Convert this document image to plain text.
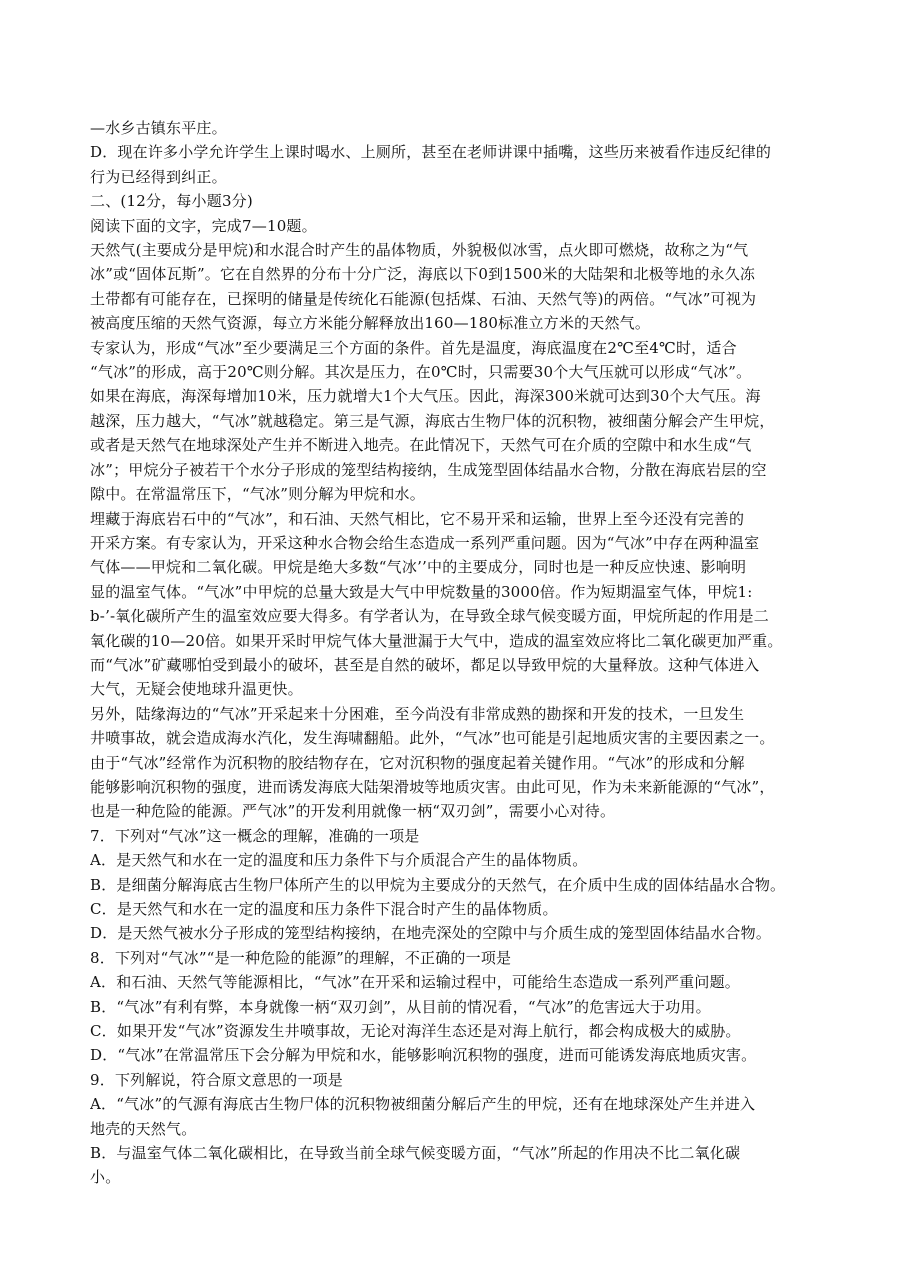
—水乡古镇东平庄。
D．现在许多小学允许学生上课时喝水、上厕所，甚至在老师讲课中插嘴，这些历来被看作违反纪律的
行为已经得到纠正。
二、(12分，每小题3分)
阅读下面的文字，完成7—10题。
天然气(主要成分是甲烷)和水混合时产生的晶体物质，外貌极似冰雪，点火即可燃烧，故称之为“气
冰”或“固体瓦斯”。它在自然界的分布十分广泛，海底以下0到1500米的大陆架和北极等地的永久冻
土带都有可能存在，已探明的储量是传统化石能源(包括煤、石油、天然气等)的两倍。“气冰”可视为
被高度压缩的天然气资源，每立方米能分解释放出160—180标准立方米的天然气。
专家认为，形成“气冰”至少要满足三个方面的条件。首先是温度，海底温度在2℃至4℃时，适合
“气冰”的形成，高于20℃则分解。其次是压力，在0℃时，只需要30个大气压就可以形成“气冰”。
如果在海底，海深每增加10米，压力就增大1个大气压。因此，海深300米就可达到30个大气压。海
越深，压力越大，“气冰”就越稳定。第三是气源，海底古生物尸体的沉积物，被细菌分解会产生甲烷，
或者是天然气在地球深处产生并不断进入地壳。在此情况下，天然气可在介质的空隙中和水生成“气
冰”；甲烷分子被若干个水分子形成的笼型结构接纳，生成笼型固体结晶水合物，分散在海底岩层的空
隙中。在常温常压下，“气冰”则分解为甲烷和水。
埋藏于海底岩石中的“气冰”，和石油、天然气相比，它不易开采和运输，世界上至今还没有完善的
开采方案。有专家认为，开采这种水合物会给生态造成一系列严重问题。因为“气冰”中存在两种温室
气体——甲烷和二氧化碳。甲烷是绝大多数“气冰’’中的主要成分，同时也是一种反应快速、影响明
显的温室气体。“气冰”中甲烷的总量大致是大气中甲烷数量的3000倍。作为短期温室气体，甲烷1:
b-’-氧化碳所产生的温室效应要大得多。有学者认为，在导致全球气候变暖方面，甲烷所起的作用是二
氧化碳的10—20倍。如果开采时甲烷气体大量泄漏于大气中，造成的温室效应将比二氧化碳更加严重。
而“气冰”矿藏哪怕受到最小的破坏，甚至是自然的破坏，都足以导致甲烷的大量释放。这种气体进入
大气，无疑会使地球升温更快。
另外，陆缘海边的“气冰”开采起来十分困难，至今尚没有非常成熟的勘探和开发的技术，一旦发生
井喷事故，就会造成海水汽化，发生海啸翻船。此外，“气冰”也可能是引起地质灾害的主要因素之一。
由于“气冰”经常作为沉积物的胶结物存在，它对沉积物的强度起着关键作用。“气冰”的形成和分解
能够影响沉积物的强度，进而诱发海底大陆架滑坡等地质灾害。由此可见，作为未来新能源的“气冰”，
也是一种危险的能源。严气冰”的开发利用就像一柄“双刃剑”，需要小心对待。
7．下列对“气冰”这一概念的理解，准确的一项是
A．是天然气和水在一定的温度和压力条件下与介质混合产生的晶体物质。
B．是细菌分解海底古生物尸体所产生的以甲烷为主要成分的天然气，在介质中生成的固体结晶水合物。
C．是天然气和水在一定的温度和压力条件下混合时产生的晶体物质。
D．是天然气被水分子形成的笼型结构接纳，在地壳深处的空隙中与介质生成的笼型固体结晶水合物。
8．下列对“气冰”“是一种危险的能源”的理解，不正确的一项是
A．和石油、天然气等能源相比，“气冰”在开采和运输过程中，可能给生态造成一系列严重问题。
B．“气冰”有利有弊，本身就像一柄“双刃剑”，从目前的情况看，“气冰”的危害远大于功用。
C．如果开发“气冰”资源发生井喷事故，无论对海洋生态还是对海上航行，都会构成极大的威胁。
D．“气冰”在常温常压下会分解为甲烷和水，能够影响沉积物的强度，进而可能诱发海底地质灾害。
9．下列解说，符合原文意思的一项是
A．“气冰”的气源有海底古生物尸体的沉积物被细菌分解后产生的甲烷，还有在地球深处产生并进入
地壳的天然气。
B．与温室气体二氧化碳相比，在导致当前全球气候变暖方面，“气冰”所起的作用决不比二氧化碳
小。
